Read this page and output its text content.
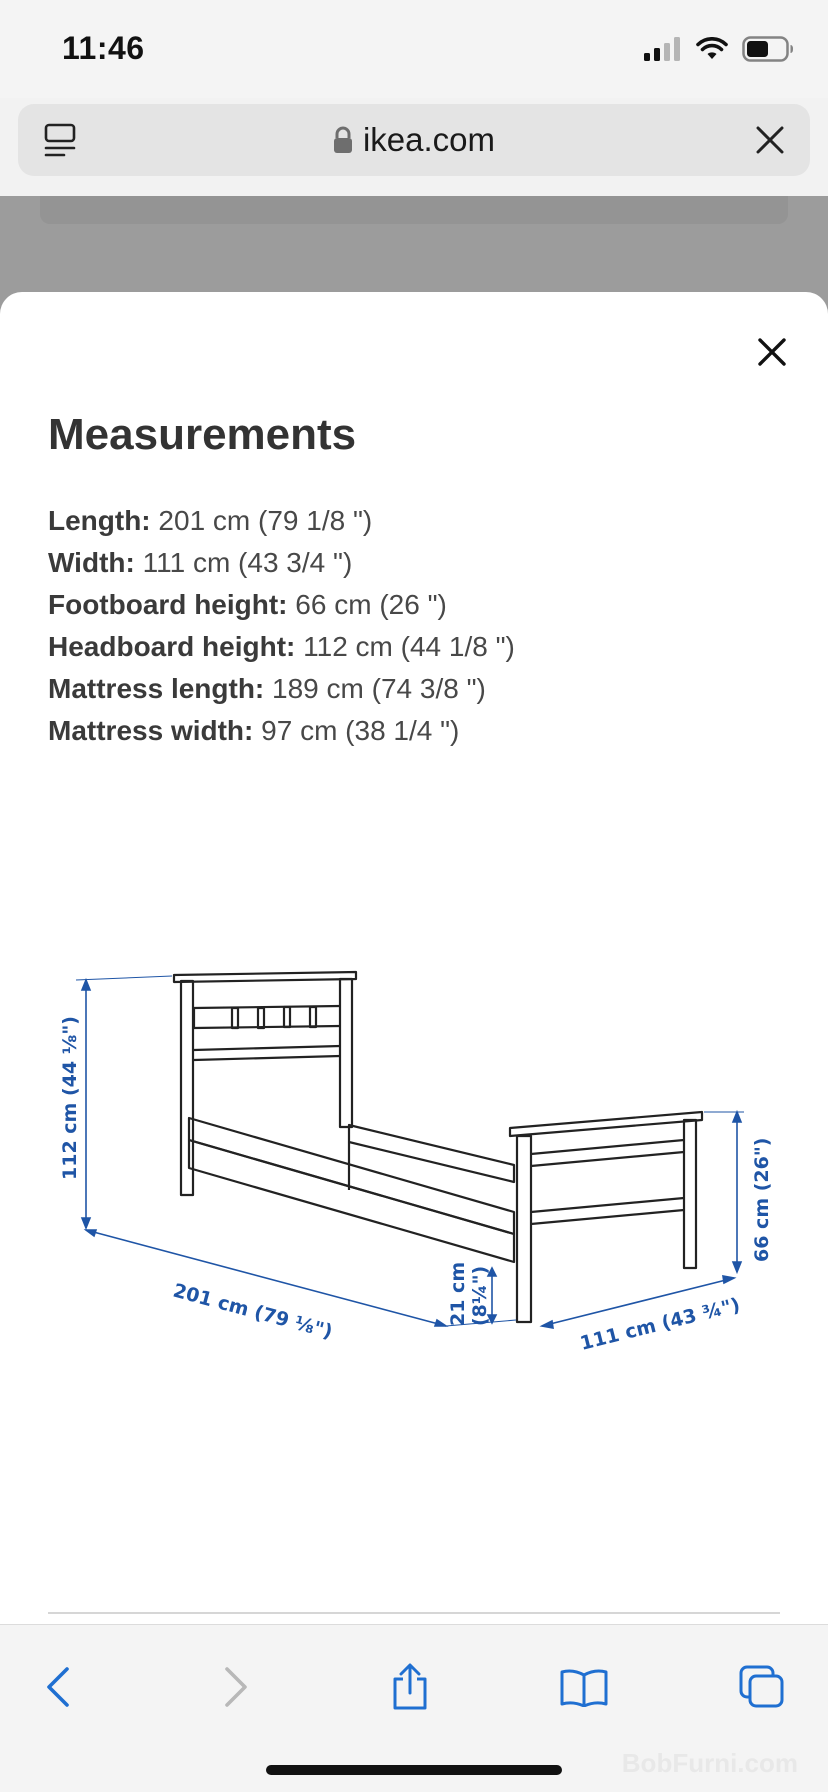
11:46
ikea.com
Measurements
Length: 201 cm (79 1/8 ")
Width: 111 cm (43 3/4 ")
Footboard height: 66 cm (26 ")
Headboard height: 112 cm (44 1/8 ")
Mattress length: 189 cm (74 3/8 ")
Mattress width: 97 cm (38 1/4 ")
112 cm (44 ⅛")
201 cm (79 ⅛")	21 cm (8¼")	111 cm (43 ¾")
66 cm (26")
BobFurni.com
